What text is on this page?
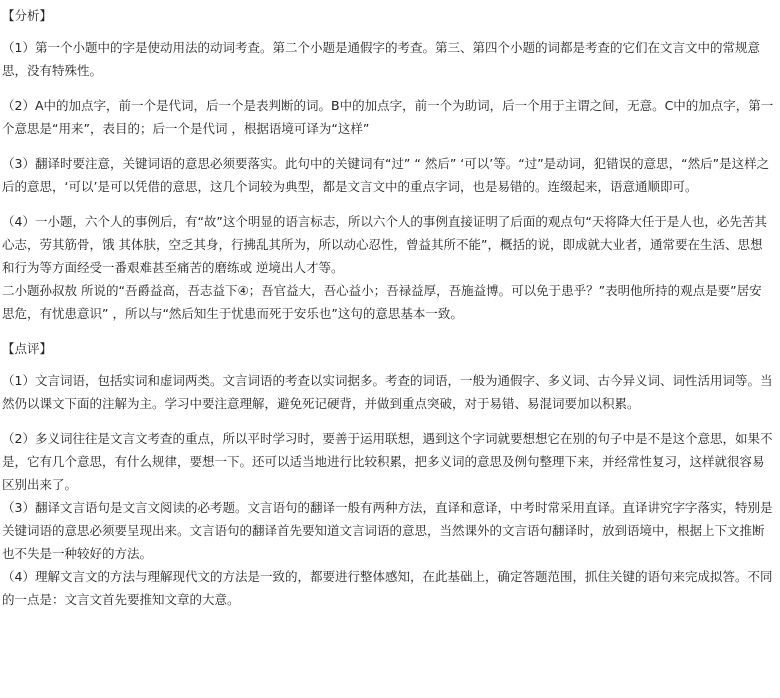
【分析】

（1）第一个小题中的字是使动用法的动词考查。第二个小题是通假字的考查。第三、第四个小题的词都是考查的它们在文言文中的常规意思，没有特殊性。

（2）A中的加点字，前一个是代词，后一个是表判断的词。B中的加点字，前一个为助词，后一个用于主谓之间，无意。C中的加点字，第一个意思是“用来”，表目的；后一个是代词 ，根据语境可译为“这样”

（3）翻译时要注意，关键词语的意思必须要落实。此句中的关键词有“过” “ 然后” ‘可以’等。“过”是动词，犯错误的意思，“然后”是这样之后的意思，‘可以’是可以凭借的意思，这几个词较为典型，都是文言文中的重点字词，也是易错的。连缀起来，语意通顺即可。

（4）一小题，六个人的事例后，有“故”这个明显的语言标志，所以六个人的事例直接证明了后面的观点句“天将降大任于是人也，必先苦其心志，劳其筋骨，饿 其体肤，空乏其身，行拂乱其所为，所以动心忍性，曾益其所不能”，概括的说，即成就大业者，通常要在生活、思想和行为等方面经受一番艰难甚至痛苦的磨练或 逆境出人才等。

二小题孙叔敖 所说的“吾爵益高，吾志益下④；吾官益大，吾心益小；吾禄益厚，吾施益博。可以免于患乎？”表明他所持的观点是要”居安思危，有忧患意识” ，所以与“然后知生于忧患而死于安乐也”这句的意思基本一致。

【点评】

（1）文言词语，包括实词和虚词两类。文言词语的考查以实词据多。考查的词语，一般为通假字、多义词、古今异义词、词性活用词等。当然仍以课文下面的注解为主。学习中要注意理解，避免死记硬背，并做到重点突破，对于易错、易混词要加以积累。

（2）多义词往往是文言文考查的重点，所以平时学习时，要善于运用联想，遇到这个字词就要想想它在别的句子中是不是这个意思，如果不是，它有几个意思，有什么规律，要想一下。还可以适当地进行比较积累，把多义词的意思及例句整理下来，并经常性复习，这样就很容易区别出来了。

（3）翻译文言语句是文言文阅读的必考题。文言语句的翻译一般有两种方法，直译和意译，中考时常采用直译。直译讲究字字落实，特别是关键词语的意思必须要呈现出来。文言语句的翻译首先要知道文言词语的意思，当然课外的文言语句翻译时，放到语境中，根据上下文推断也不失是一种较好的方法。

（4）理解文言文的方法与理解现代文的方法是一致的，都要进行整体感知，在此基础上，确定答题范围，抓住关键的语句来完成拟答。不同的一点是：文言文首先要推知文章的大意。
